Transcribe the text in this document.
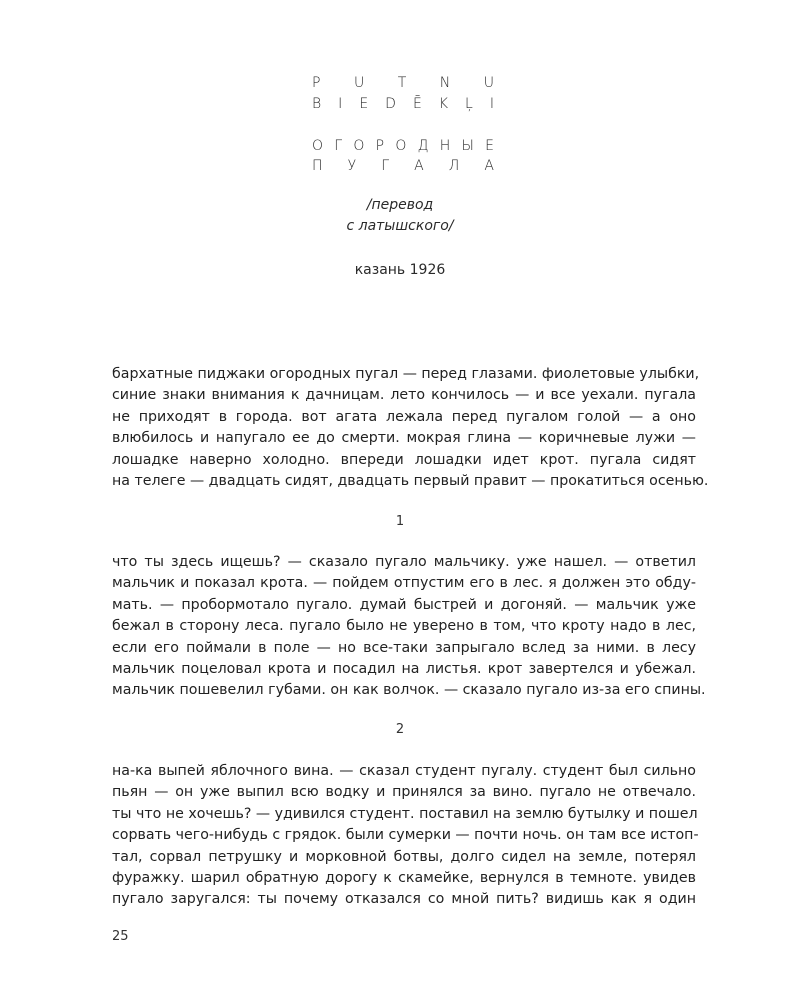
P U T N U
B I E D Ē K Ļ I
О Г О Р О Д Н Ы Е
П У Г А Л А
/перевод
с латышского/
казань 1926
бархатные пиджаки огородных пугал — перед глазами. фиолетовые улыбки,
синие знаки внимания к дачницам. лето кончилось — и все уехали. пугала
не приходят в города. вот агата лежала перед пугалом голой — а оно
влюбилось и напугало ее до смерти. мокрая глина — коричневые лужи —
лошадке наверно холодно. впереди лошадки идет крот. пугала сидят
на телеге — двадцать сидят, двадцать первый правит — прокатиться осенью.
1
что ты здесь ищешь? — сказало пугало мальчику. уже нашел. — ответил
мальчик и показал крота. — пойдем отпустим его в лес. я должен это обду-
мать. — пробормотало пугало. думай быстрей и догоняй. — мальчик уже
бежал в сторону леса. пугало было не уверено в том, что кроту надо в лес,
если его поймали в поле — но все-таки запрыгало вслед за ними. в лесу
мальчик поцеловал крота и посадил на листья. крот завертелся и убежал.
мальчик пошевелил губами. он как волчок. — сказало пугало из-за его спины.
2
на-ка выпей яблочного вина. — сказал студент пугалу. студент был сильно
пьян — он уже выпил всю водку и принялся за вино. пугало не отвечало.
ты что не хочешь? — удивился студент. поставил на землю бутылку и пошел
сорвать чего-нибудь с грядок. были сумерки — почти ночь. он там все истоп-
тал, сорвал петрушку и морковной ботвы, долго сидел на земле, потерял
фуражку. шарил обратную дорогу к скамейке, вернулся в темноте. увидев
пугало заругался: ты почему отказался со мной пить? видишь как я один
25
